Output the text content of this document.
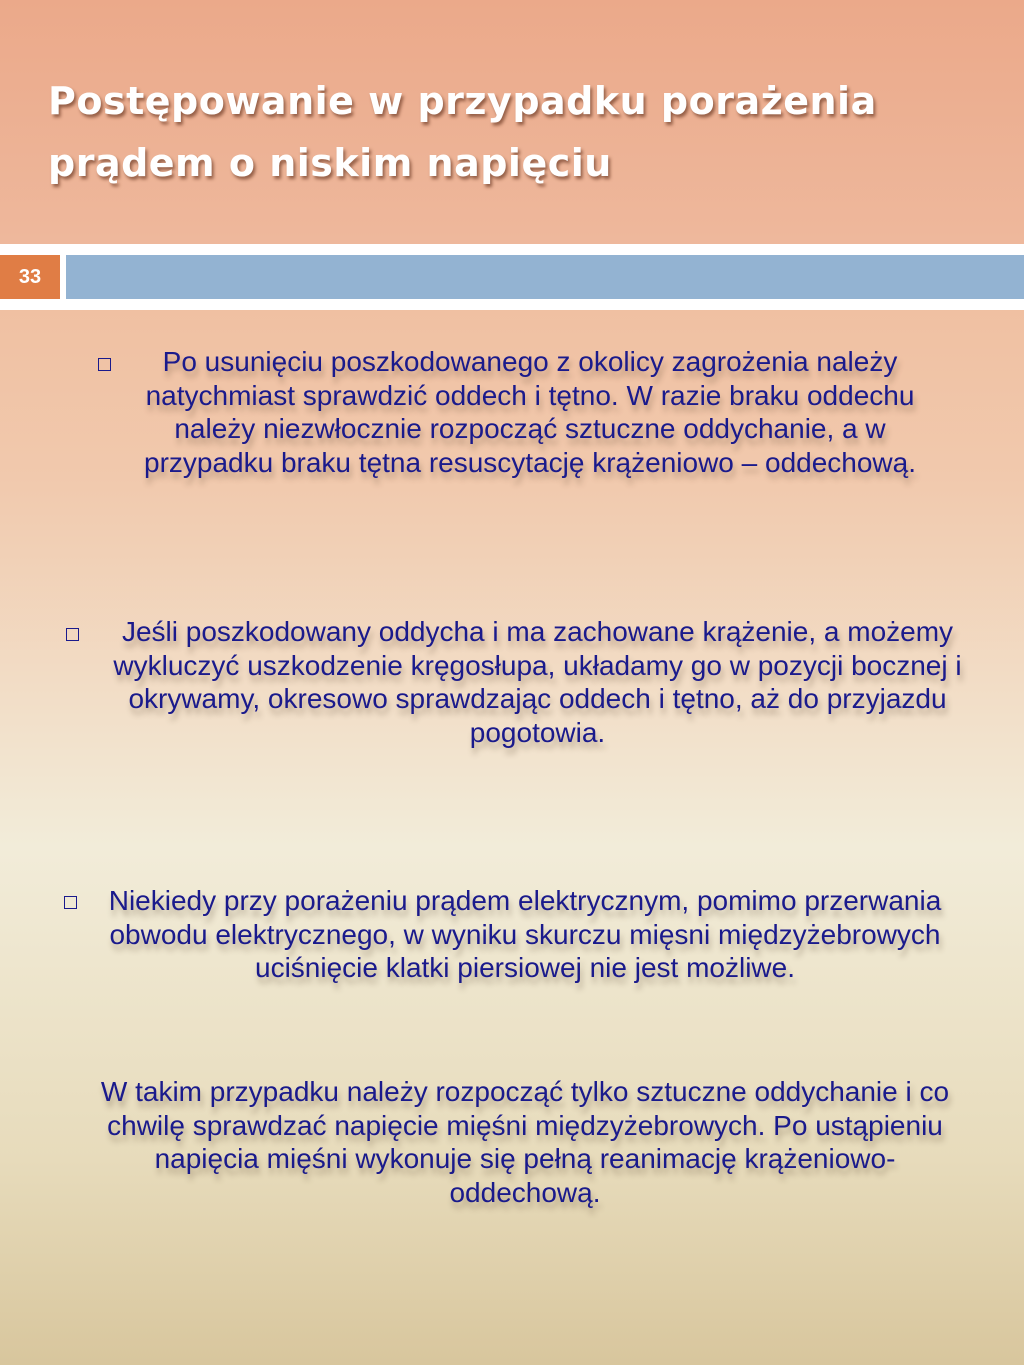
Postępowanie w przypadku porażenia prądem o niskim napięciu
33
Po usunięciu poszkodowanego z okolicy zagrożenia należy natychmiast sprawdzić oddech i tętno. W razie braku oddechu należy niezwłocznie rozpocząć sztuczne oddychanie, a w przypadku braku tętna resuscytację krążeniowo – oddechową.
Jeśli poszkodowany oddycha i ma zachowane krążenie, a możemy wykluczyć uszkodzenie kręgosłupa, układamy go w pozycji bocznej i okrywamy, okresowo sprawdzając oddech i tętno, aż do przyjazdu pogotowia.
Niekiedy przy porażeniu prądem elektrycznym, pomimo przerwania obwodu elektrycznego, w wyniku skurczu mięsni międzyżebrowych uciśnięcie klatki piersiowej nie jest możliwe.
W takim przypadku należy rozpocząć tylko sztuczne oddychanie i co chwilę sprawdzać napięcie mięśni międzyżebrowych. Po ustąpieniu napięcia mięśni wykonuje się pełną reanimację krążeniowo-oddechową.
